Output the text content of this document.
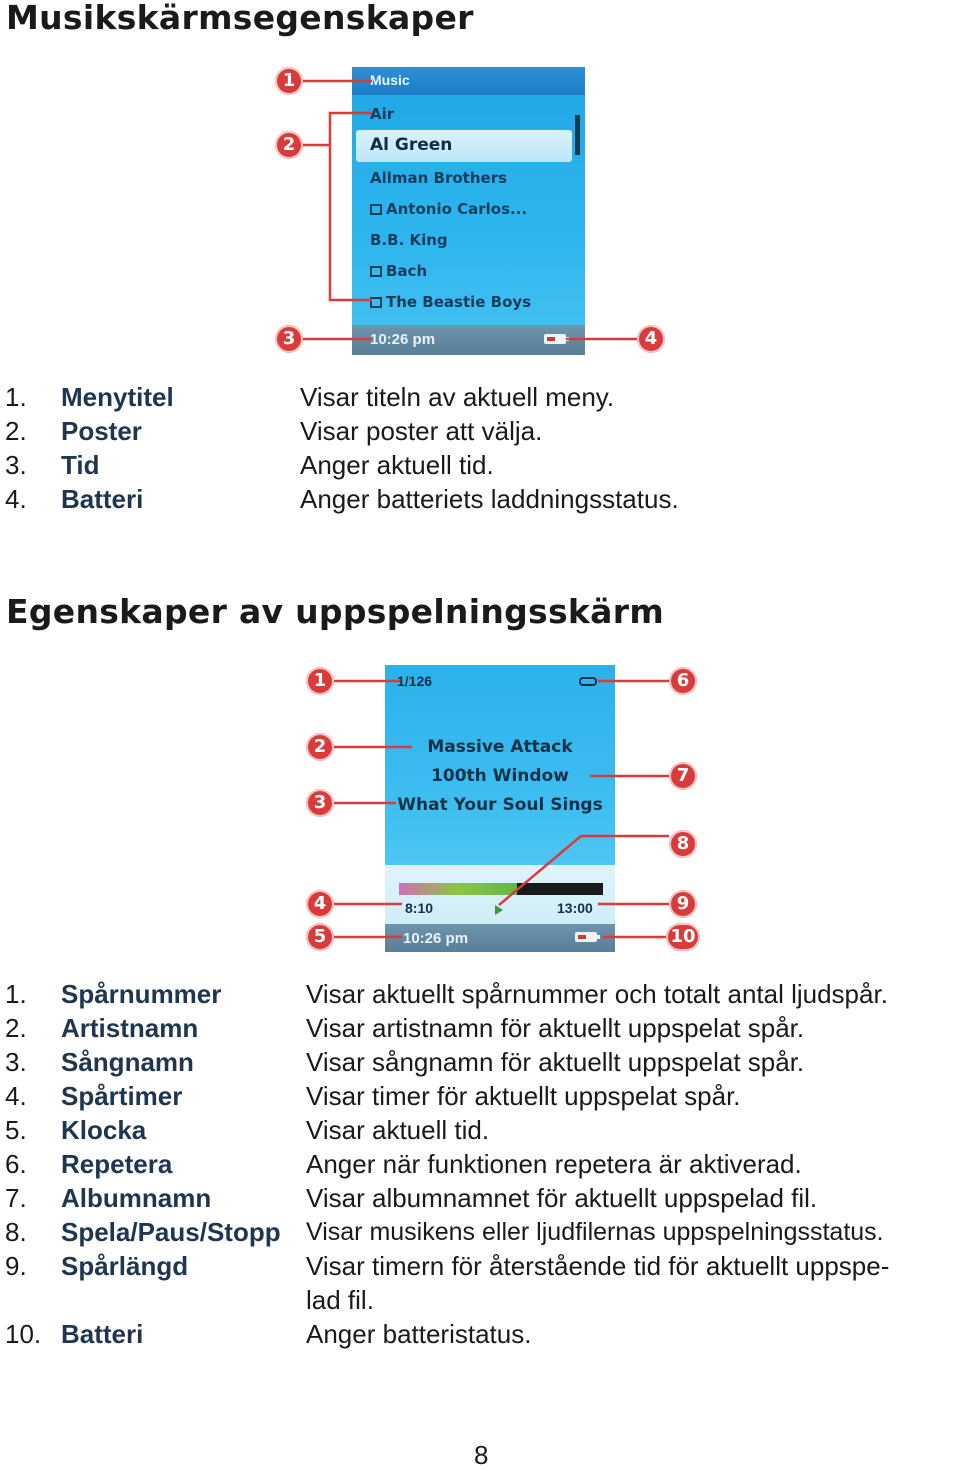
Musikskärmsegenskaper
Music
Air
Al Green
Allman Brothers
Antonio Carlos...
B.B. King
Bach
The Beastie Boys
10:26 pm
Egenskaper av uppspelningsskärm
1/126
Massive Attack
100th Window
What Your Soul Sings
8:10	13:00
10:26 pm
1
2
3	4
1
2
3
4
5
6
7
8
9
10
1. Menytitel	Visar titeln av aktuell meny.
2. Poster	Visar poster att välja.
3. Tid	Anger aktuell tid.
4. Batteri	Anger batteriets laddningsstatus.
1. Spårnummer	Visar aktuellt spårnummer och totalt antal ljudspår.
2. Artistnamn	Visar artistnamn för aktuellt uppspelat spår.
3. Sångnamn	Visar sångnamn för aktuellt uppspelat spår.
4. Spårtimer	Visar timer för aktuellt uppspelat spår.
5. Klocka	Visar aktuell tid.
6. Repetera	Anger när funktionen repetera är aktiverad.
7. Albumnamn	Visar albumnamnet för aktuellt uppspelad fil.
8. Spela/Paus/Stopp Visar musikens eller ljudfilernas uppspelningsstatus.
9. Spårlängd	Visar timern för återstående tid för aktuellt uppspe-
lad fil.
10. Batteri	Anger batteristatus.
8
